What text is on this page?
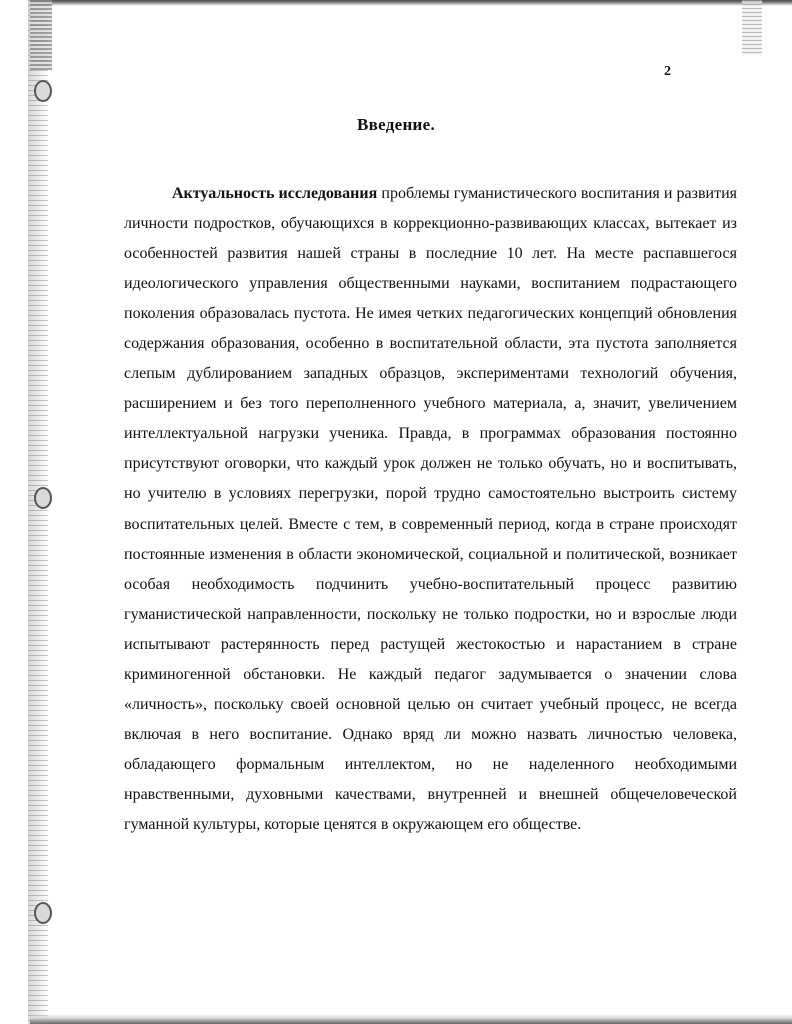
2
Введение.

Актуальность исследования проблемы гуманистического воспитания и развития личности подростков, обучающихся в коррекционно-развивающих классах, вытекает из особенностей развития нашей страны в последние 10 лет. На месте распавшегося идеологического управления общественными науками, воспитанием подрастающего поколения образовалась пустота. Не имея четких педагогических концепций обновления содержания образования, особенно в воспитательной области, эта пустота заполняется слепым дублированием западных образцов, экспериментами технологий обучения, расширением и без того переполненного учебного материала, а, значит, увеличением интеллектуальной нагрузки ученика. Правда, в программах образования постоянно присутствуют оговорки, что каждый урок должен не только обучать, но и воспитывать, но учителю в условиях перегрузки, порой трудно самостоятельно выстроить систему воспитательных целей. Вместе с тем, в современный период, когда в стране происходят постоянные изменения в области экономической, социальной и политической, возникает особая необходимость подчинить учебно-воспитательный процесс развитию гуманистической направленности, поскольку не только подростки, но и взрослые люди испытывают растерянность перед растущей жестокостью и нарастанием в стране криминогенной обстановки. Не каждый педагог задумывается о значении слова «личность», поскольку своей основной целью он считает учебный процесс, не всегда включая в него воспитание. Однако вряд ли можно назвать личностью человека, обладающего формальным интеллектом, но не наделенного необходимыми нравственными, духовными качествами, внутренней и внешней общечеловеческой гуманной культуры, которые ценятся в окружающем его обществе.
